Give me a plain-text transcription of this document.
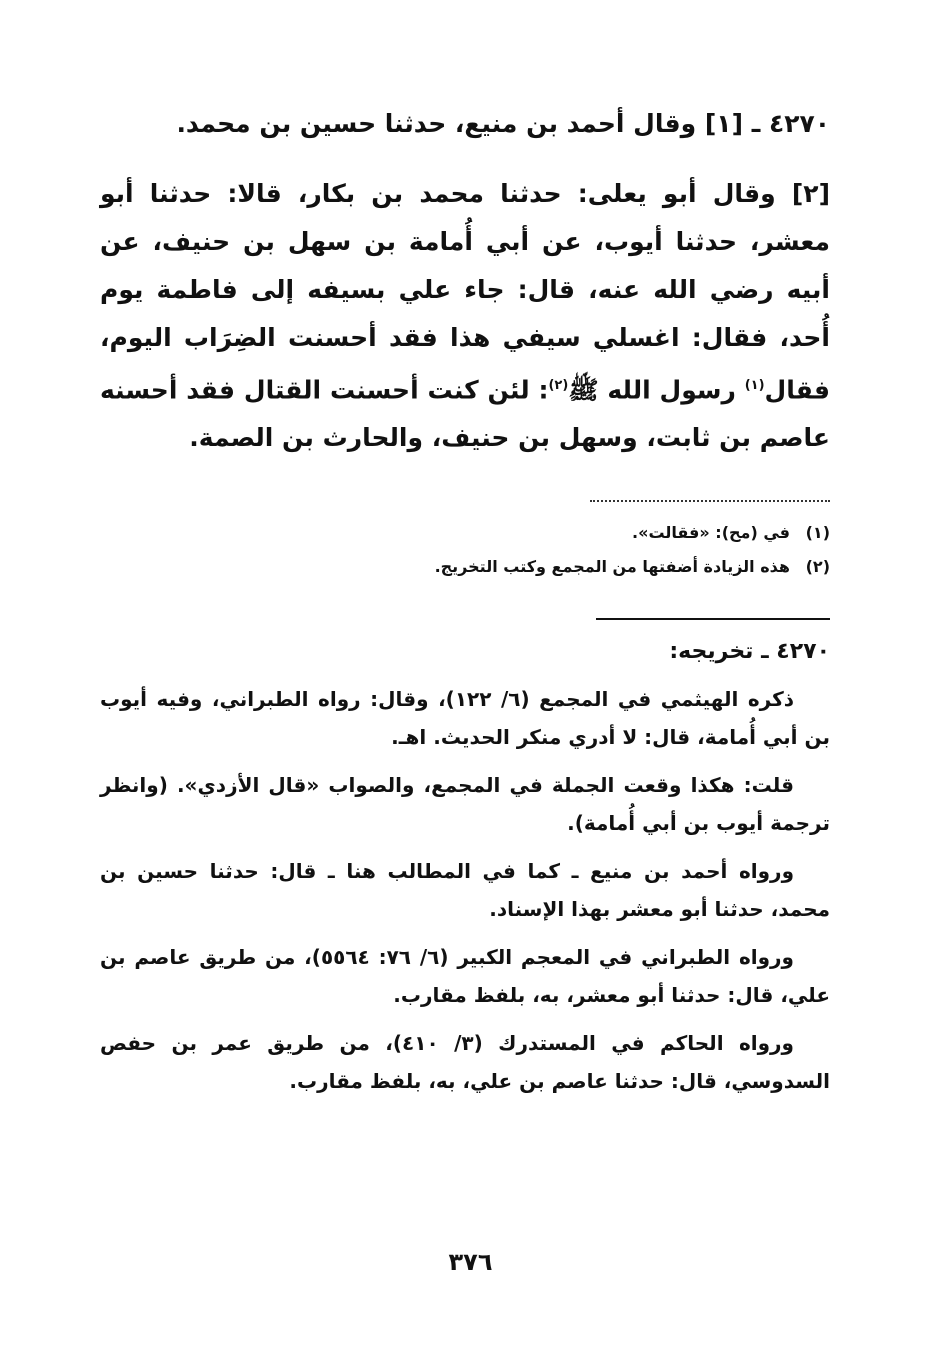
٤٢٧٠ ـ [١] وقال أحمد بن منيع، حدثنا حسين بن محمد.

[٢] وقال أبو يعلى: حدثنا محمد بن بكار، قالا: حدثنا أبو معشر، حدثنا أيوب، عن أبي أُمامة بن سهل بن حنيف، عن أبيه رضي الله عنه، قال: جاء علي بسيفه إلى فاطمة يوم أُحد، فقال: اغسلي سيفي هذا فقد أحسنت الضِرَاب اليوم، فقال$^{(١)}$ رسول الله ﷺ$^{(٢)}$: لئن كنت أحسنت القتال فقد أحسنه عاصم بن ثابت، وسهل بن حنيف، والحارث بن الصمة.

(١)في (مح): «فقالت».
(٢)هذه الزيادة أضفتها من المجمع وكتب التخريج.
٤٢٧٠ ـ تخريجه:

ذكره الهيثمي في المجمع (٦/ ١٢٢)، وقال: رواه الطبراني، وفيه أيوب بن أبي أُمامة، قال: لا أدري منكر الحديث. اهـ.

قلت: هكذا وقعت الجملة في المجمع، والصواب «قال الأزدي». (وانظر ترجمة أيوب بن أبي أُمامة).

ورواه أحمد بن منيع ـ كما في المطالب هنا ـ قال: حدثنا حسين بن محمد، حدثنا أبو معشر بهذا الإسناد.

ورواه الطبراني في المعجم الكبير (٦/ ٧٦: ٥٥٦٤)، من طريق عاصم بن علي، قال: حدثنا أبو معشر، به، بلفظ مقارب.

ورواه الحاكم في المستدرك (٣/ ٤١٠)، من طريق عمر بن حفص السدوسي، قال: حدثنا عاصم بن علي، به، بلفظ مقارب.

٣٧٦
